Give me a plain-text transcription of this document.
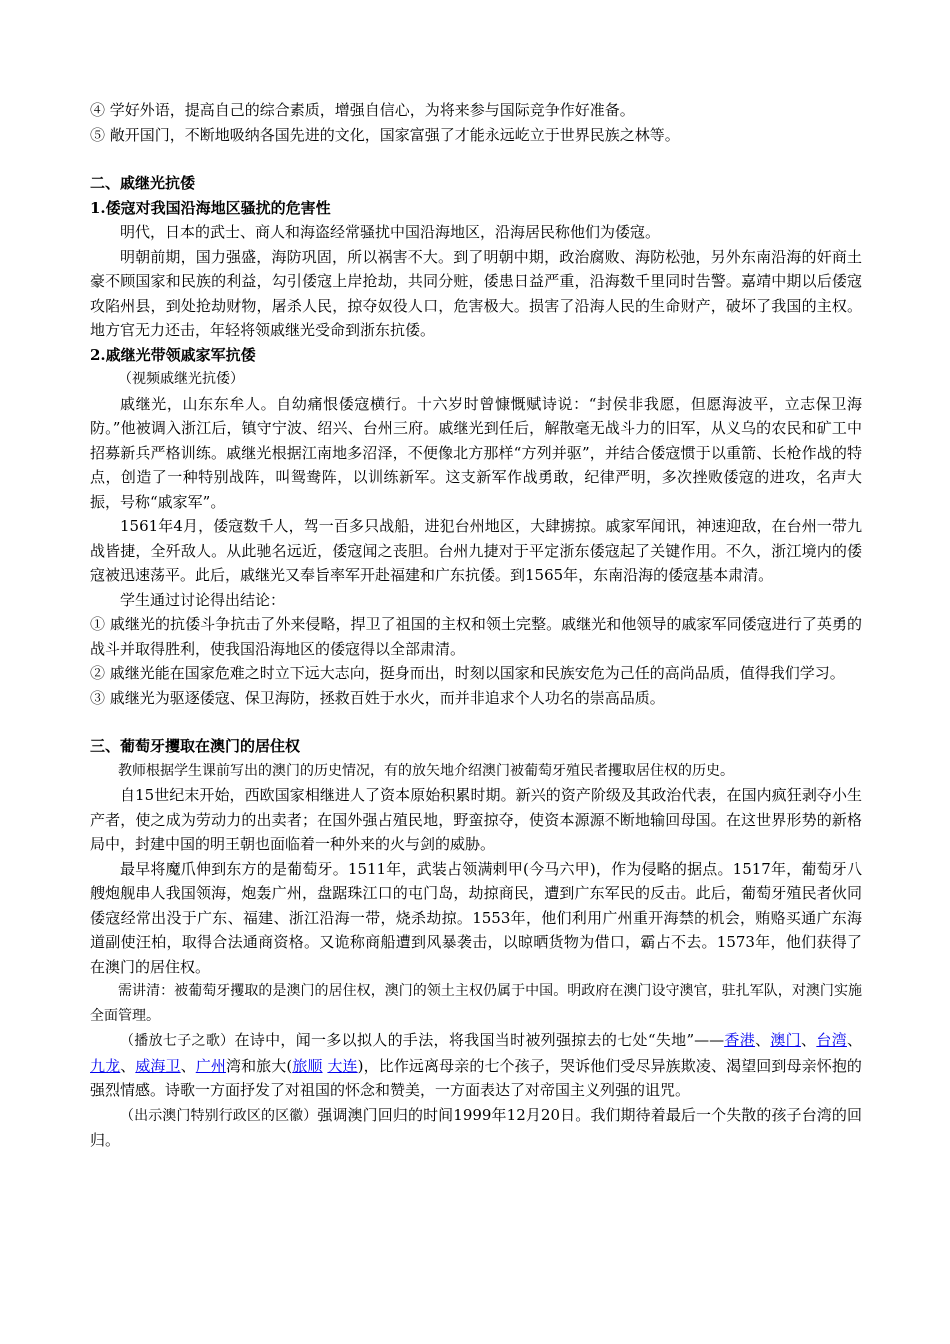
④ 学好外语，提高自己的综合素质，增强自信心，为将来参与国际竞争作好准备。

⑤ 敞开国门，不断地吸纳各国先进的文化，国家富强了才能永远屹立于世界民族之林等。

二、戚继光抗倭

1.倭寇对我国沿海地区骚扰的危害性

明代，日本的武士、商人和海盗经常骚扰中国沿海地区，沿海居民称他们为倭寇。

明朝前期，国力强盛，海防巩固，所以祸害不大。到了明朝中期，政治腐败、海防松弛，另外东南沿海的奸商土豪不顾国家和民族的利益，勾引倭寇上岸抢劫，共同分赃，倭患日益严重，沿海数千里同时告警。嘉靖中期以后倭寇攻陷州县，到处抢劫财物，屠杀人民，掠夺奴役人口，危害极大。损害了沿海人民的生命财产，破坏了我国的主权。地方官无力还击，年轻将领戚继光受命到浙东抗倭。

2.戚继光带领戚家军抗倭

（视频戚继光抗倭）

戚继光，山东东牟人。自幼痛恨倭寇横行。十六岁时曾慷慨赋诗说：“封侯非我愿，但愿海波平，立志保卫海防。”他被调入浙江后，镇守宁波、绍兴、台州三府。戚继光到任后，解散毫无战斗力的旧军，从义乌的农民和矿工中招募新兵严格训练。戚继光根据江南地多沼泽，不便像北方那样“方列并驱”，并结合倭寇惯于以重箭、长枪作战的特点，创造了一种特别战阵，叫鸳鸯阵，以训练新军。这支新军作战勇敢，纪律严明，多次挫败倭寇的进攻，名声大振，号称“戚家军”。

1561年4月，倭寇数千人，驾一百多只战船，进犯台州地区，大肆掳掠。戚家军闻讯，神速迎敌，在台州一带九战皆捷，全歼敌人。从此驰名远近，倭寇闻之丧胆。台州九捷对于平定浙东倭寇起了关键作用。不久，浙江境内的倭寇被迅速荡平。此后，戚继光又奉旨率军开赴福建和广东抗倭。到1565年，东南沿海的倭寇基本肃清。

学生通过讨论得出结论：

① 戚继光的抗倭斗争抗击了外来侵略，捍卫了祖国的主权和领土完整。戚继光和他领导的戚家军同倭寇进行了英勇的战斗并取得胜利，使我国沿海地区的倭寇得以全部肃清。

② 戚继光能在国家危难之时立下远大志向，挺身而出，时刻以国家和民族安危为己任的高尚品质，值得我们学习。

③ 戚继光为驱逐倭寇、保卫海防，拯救百姓于水火，而并非追求个人功名的崇高品质。

三、葡萄牙攫取在澳门的居住权

教师根据学生课前写出的澳门的历史情况，有的放矢地介绍澳门被葡萄牙殖民者攫取居住权的历史。

自15世纪末开始，西欧国家相继进人了资本原始积累时期。新兴的资产阶级及其政治代表，在国内疯狂剥夺小生产者，使之成为劳动力的出卖者；在国外强占殖民地，野蛮掠夺，使资本源源不断地输回母国。在这世界形势的新格局中，封建中国的明王朝也面临着一种外来的火与剑的威胁。

最早将魔爪伸到东方的是葡萄牙。1511年，武装占领满剌甲(今马六甲)，作为侵略的据点。1517年，葡萄牙八艘炮舰串人我国领海，炮轰广州，盘踞珠江口的屯门岛，劫掠商民，遭到广东军民的反击。此后，葡萄牙殖民者伙同倭寇经常出没于广东、福建、浙江沿海一带，烧杀劫掠。1553年，他们利用广州重开海禁的机会，贿赂买通广东海道副使汪柏，取得合法通商资格。又诡称商船遭到风暴袭击，以晾晒货物为借口，霸占不去。1573年，他们获得了在澳门的居住权。

需讲清：被葡萄牙攫取的是澳门的居住权，澳门的领土主权仍属于中国。明政府在澳门设守澳官，驻扎军队，对澳门实施全面管理。

（播放七子之歌）在诗中，闻一多以拟人的手法，将我国当时被列强掠去的七处“失地”——香港、澳门、台湾、九龙、威海卫、广州湾和旅大(旅顺 大连)，比作远离母亲的七个孩子，哭诉他们受尽异族欺凌、渴望回到母亲怀抱的强烈情感。诗歌一方面抒发了对祖国的怀念和赞美，一方面表达了对帝国主义列强的诅咒。

（出示澳门特别行政区的区徽）强调澳门回归的时间1999年12月20日。我们期待着最后一个失散的孩子台湾的回归。
